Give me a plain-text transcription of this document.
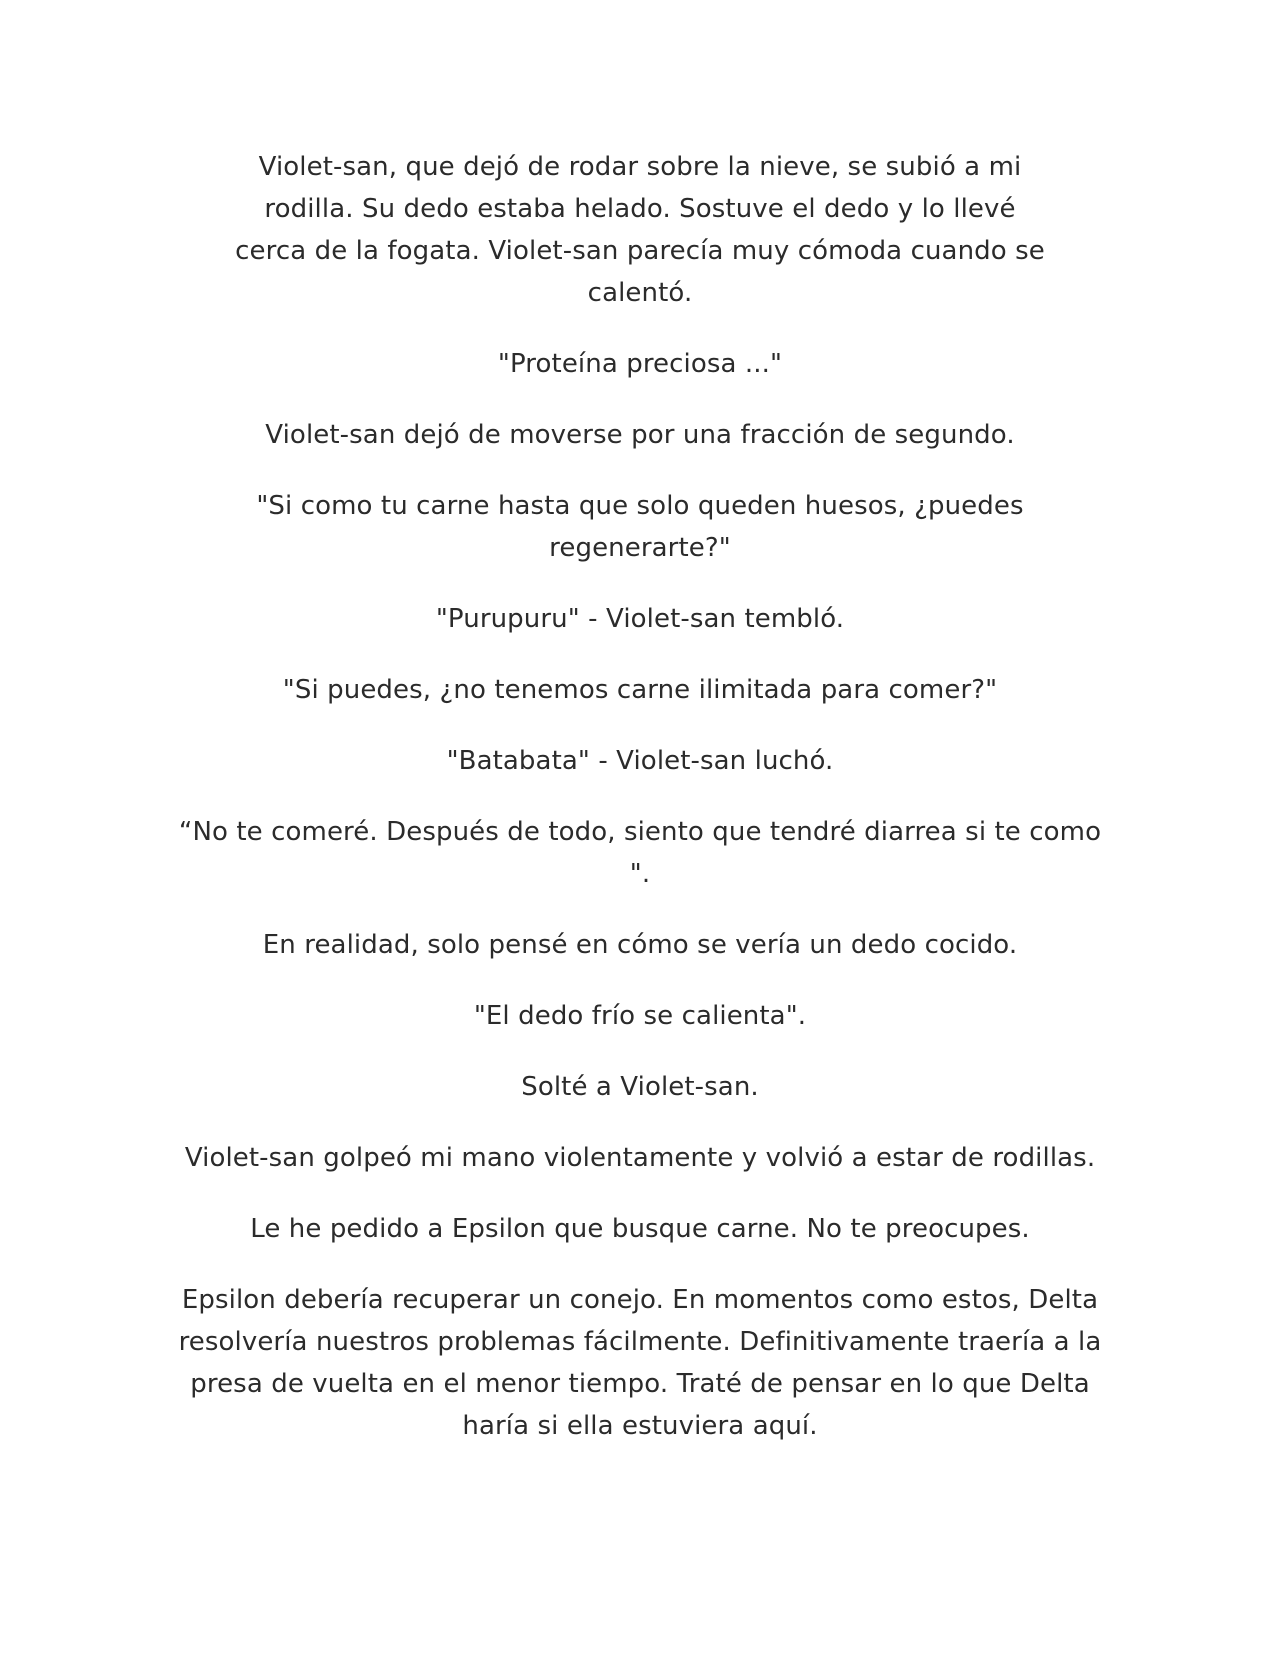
Violet-san, que dejó de rodar sobre la nieve, se subió a mi rodilla. Su dedo estaba helado. Sostuve el dedo y lo llevé cerca de la fogata. Violet-san parecía muy cómoda cuando se calentó.

"Proteína preciosa ..."

Violet-san dejó de moverse por una fracción de segundo.

"Si como tu carne hasta que solo queden huesos, ¿puedes regenerarte?"

"Purupuru" - Violet-san tembló.

"Si puedes, ¿no tenemos carne ilimitada para comer?"

"Batabata" - Violet-san luchó.

“No te comeré. Después de todo, siento que tendré diarrea si te como ".

En realidad, solo pensé en cómo se vería un dedo cocido.

"El dedo frío se calienta".

Solté a Violet-san.

Violet-san golpeó mi mano violentamente y volvió a estar de rodillas.

Le he pedido a Epsilon que busque carne. No te preocupes.

Epsilon debería recuperar un conejo. En momentos como estos, Delta resolvería nuestros problemas fácilmente. Definitivamente traería a la presa de vuelta en el menor tiempo. Traté de pensar en lo que Delta haría si ella estuviera aquí.
